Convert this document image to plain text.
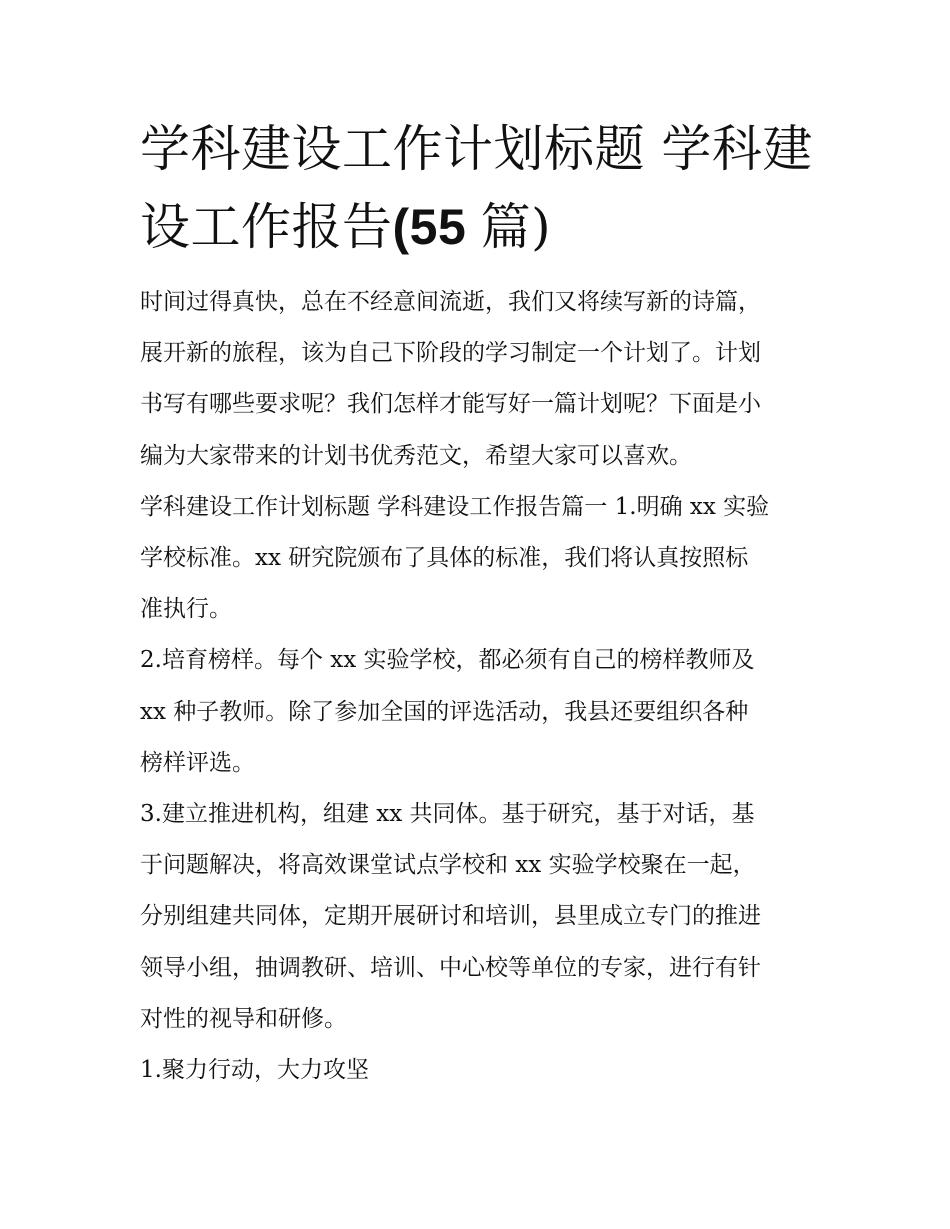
学科建设工作计划标题 学科建
设工作报告(55 篇)

时间过得真快，总在不经意间流逝，我们又将续写新的诗篇，
展开新的旅程，该为自己下阶段的学习制定一个计划了。计划
书写有哪些要求呢？我们怎样才能写好一篇计划呢？下面是小
编为大家带来的计划书优秀范文，希望大家可以喜欢。

学科建设工作计划标题 学科建设工作报告篇一 1.明确 xx 实验
学校标准。xx 研究院颁布了具体的标准，我们将认真按照标
准执行。

2.培育榜样。每个 xx 实验学校，都必须有自己的榜样教师及
xx 种子教师。除了参加全国的评选活动，我县还要组织各种
榜样评选。

3.建立推进机构，组建 xx 共同体。基于研究，基于对话，基
于问题解决，将高效课堂试点学校和 xx 实验学校聚在一起，
分别组建共同体，定期开展研讨和培训，县里成立专门的推进
领导小组，抽调教研、培训、中心校等单位的专家，进行有针
对性的视导和研修。

1.聚力行动，大力攻坚
